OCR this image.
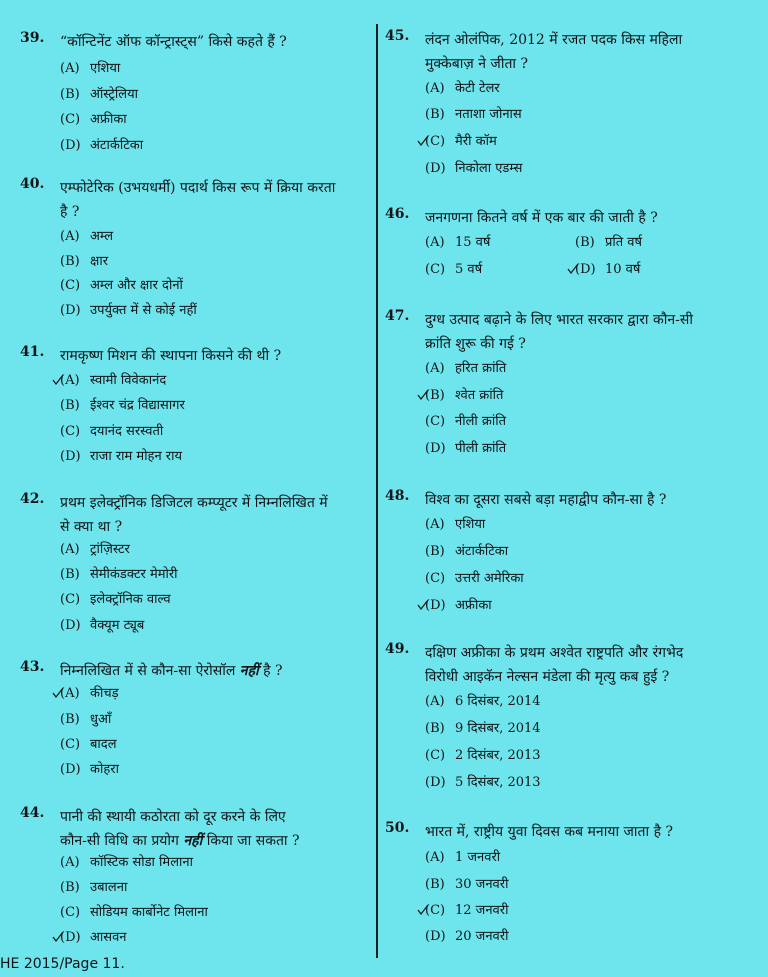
39.	“कॉन्टिनेंट ऑफ कॉन्ट्रास्ट्स” किसे कहते हैं ?
(A) एशिया
(B) ऑस्ट्रेलिया
(C) अफ्रीका
(D) अंटार्कटिका
40.	एम्फोटेरिक (उभयधर्मी) पदार्थ किस रूप में क्रिया करता
है ?
(A) अम्ल
(B) क्षार
(C) अम्ल और क्षार दोनों
(D) उपर्युक्त में से कोई नहीं
41.	रामकृष्ण मिशन की स्थापना किसने की थी ?
(A) स्वामी विवेकानंद
(B) ईश्वर चंद्र विद्यासागर
(C) दयानंद सरस्वती
(D) राजा राम मोहन राय
42.	प्रथम इलेक्ट्रॉनिक डिजिटल कम्प्यूटर में निम्नलिखित में
से क्या था ?
(A) ट्रांज़िस्टर
(B) सेमीकंडक्टर मेमोरी
(C) इलेक्ट्रॉनिक वाल्व
(D) वैक्यूम ट्यूब
43.	निम्नलिखित में से कौन-सा ऐरोसॉल नहीं है ?
(A) कीचड़
(B) धुआँ
(C) बादल
(D) कोहरा
44.	पानी की स्थायी कठोरता को दूर करने के लिए
कौन-सी विधि का प्रयोग नहीं किया जा सकता ?
(A) कॉस्टिक सोडा मिलाना
(B) उबालना
(C) सोडियम कार्बोनेट मिलाना
(D) आसवन
45.	लंदन ओलंपिक, 2012 में रजत पदक किस महिला
मुक्केबाज़ ने जीता ?
(A) केटी टेलर
(B) नताशा जोनास
(C) मैरी कॉम
(D) निकोला एडम्स
46.	जनगणना कितने वर्ष में एक बार की जाती है ?
(A) 15 वर्ष	(B) प्रति वर्ष
(C) 5 वर्ष	(D) 10 वर्ष
47.	दुग्ध उत्पाद बढ़ाने के लिए भारत सरकार द्वारा कौन-सी
क्रांति शुरू की गई ?
(A) हरित क्रांति
(B) श्वेत क्रांति
(C) नीली क्रांति
(D) पीली क्रांति
48.	विश्व का दूसरा सबसे बड़ा महाद्वीप कौन-सा है ?
(A) एशिया
(B) अंटार्कटिका
(C) उत्तरी अमेरिका
(D) अफ्रीका
49.	दक्षिण अफ्रीका के प्रथम अश्वेत राष्ट्रपति और रंगभेद
विरोधी आइकॅन नेल्सन मंडेला की मृत्यु कब हुई ?
(A) 6 दिसंबर, 2014
(B) 9 दिसंबर, 2014
(C) 2 दिसंबर, 2013
(D) 5 दिसंबर, 2013
50.	भारत में, राष्ट्रीय युवा दिवस कब मनाया जाता है ?
(A) 1 जनवरी
(B) 30 जनवरी
(C) 12 जनवरी
(D) 20 जनवरी
HE 2015/Page 11.
